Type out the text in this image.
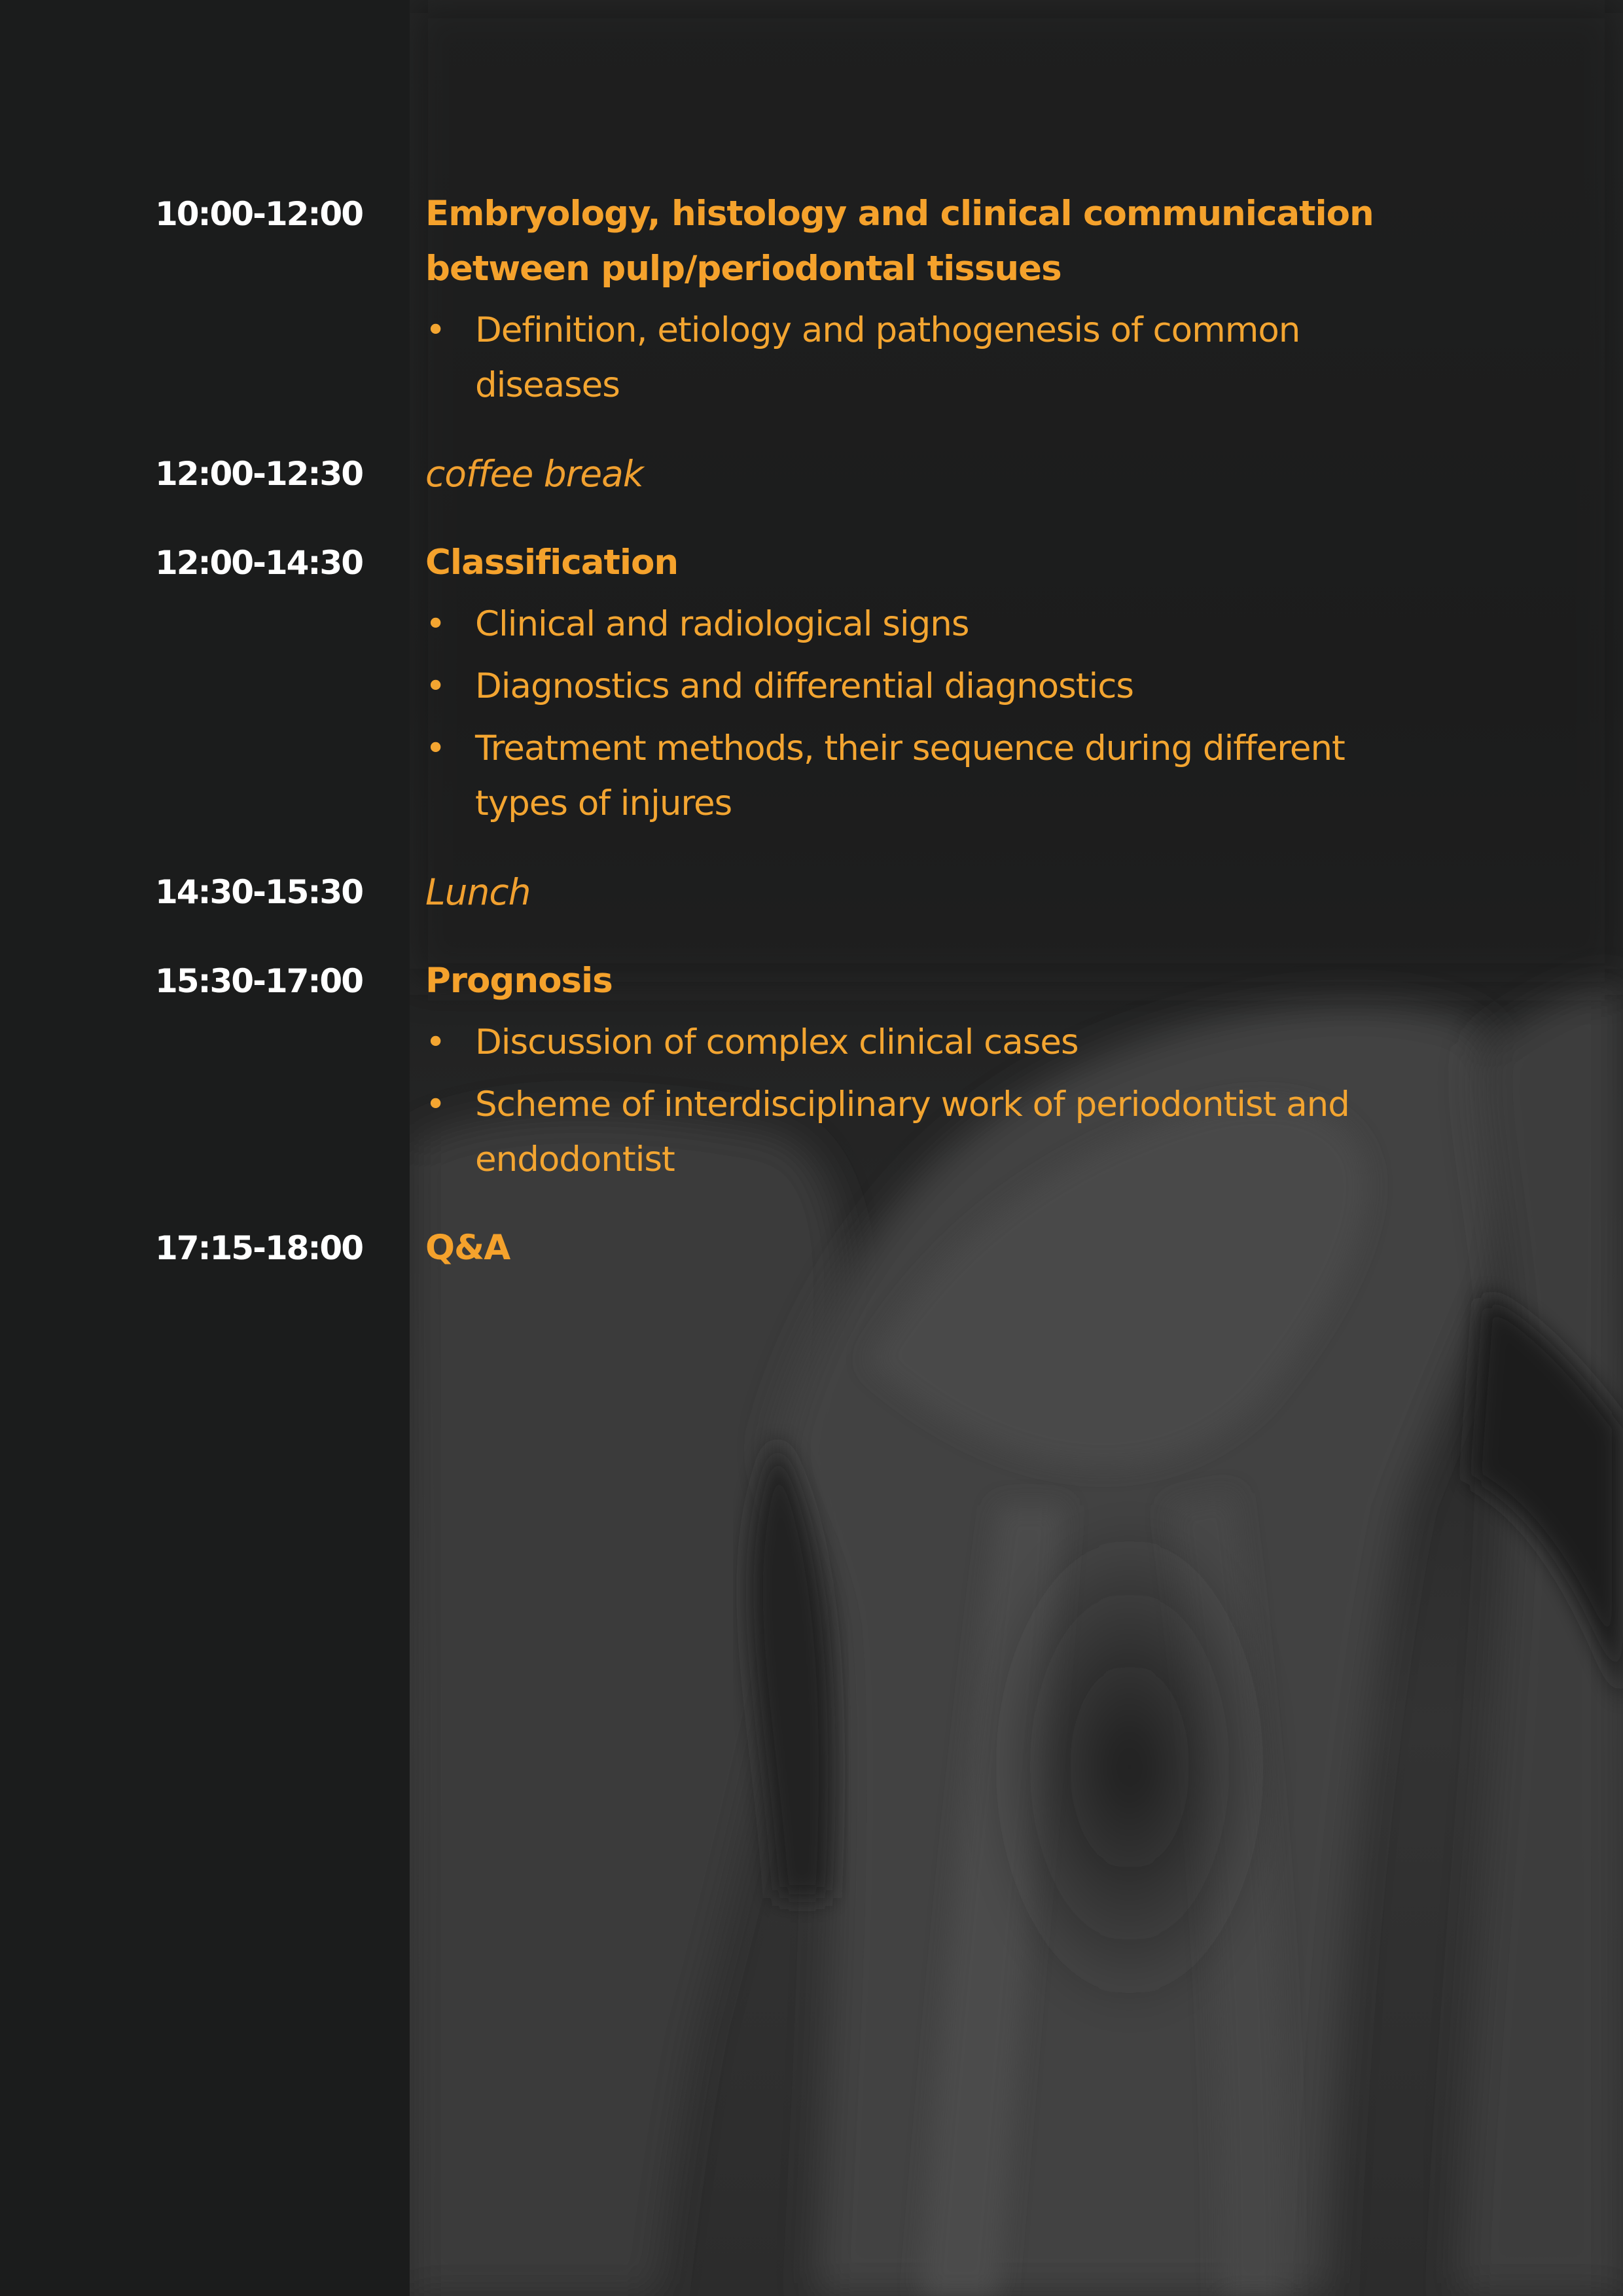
10:00-12:00 Embryology, histology and clinical communication between pulp/periodontal tissues

• Definition, etiology and pathogenesis of common diseases
12:00-12:30 coffee break

12:00-14:30 Classification

• Clinical and radiological signs
• Diagnostics and differential diagnostics
• Treatment methods, their sequence during different types of injures
14:30-15:30 Lunch

15:30-17:00 Prognosis

• Discussion of complex clinical cases
• Scheme of interdisciplinary work of periodontist and endodontist
17:15-18:00 Q&A
